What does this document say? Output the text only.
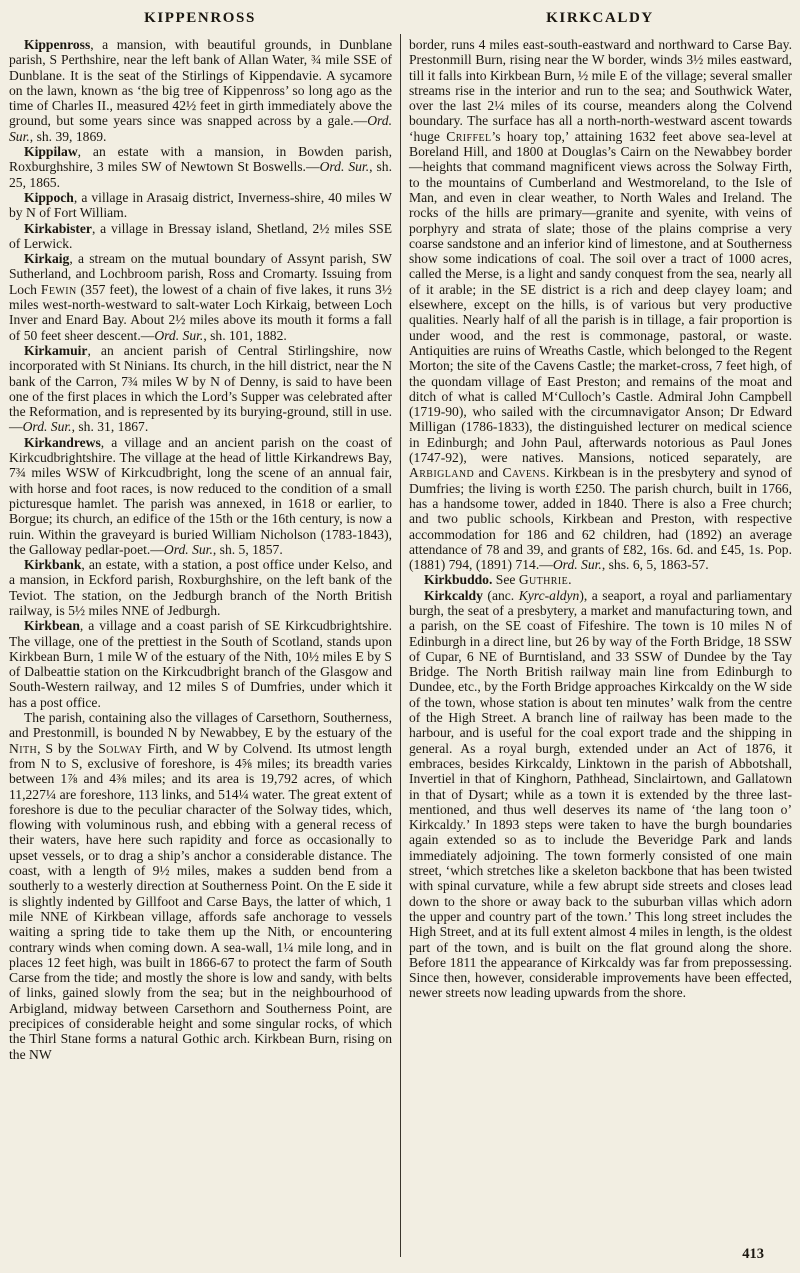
KIPPENROSS	KIRKCALDY

Kippenross, a mansion, with beautiful grounds, in Dunblane parish, S Perthshire, near the left bank of Allan Water, ¾ mile SSE of Dunblane. It is the seat of the Stirlings of Kippendavie. A sycamore on the lawn, known as ‘the big tree of Kippenross’ so long ago as the time of Charles II., measured 42½ feet in girth immediately above the ground, but some years since was snapped across by a gale.—Ord. Sur., sh. 39, 1869.

Kippilaw, an estate with a mansion, in Bowden parish, Roxburghshire, 3 miles SW of Newtown St Boswells.—Ord. Sur., sh. 25, 1865.

Kippoch, a village in Arasaig district, Inverness-shire, 40 miles W by N of Fort William.

Kirkabister, a village in Bressay island, Shetland, 2½ miles SSE of Lerwick.

Kirkaig, a stream on the mutual boundary of Assynt parish, SW Sutherland, and Lochbroom parish, Ross and Cromarty. Issuing from Loch Fewin (357 feet), the lowest of a chain of five lakes, it runs 3½ miles west-north-westward to salt-water Loch Kirkaig, between Loch Inver and Enard Bay. About 2½ miles above its mouth it forms a fall of 50 feet sheer descent.—Ord. Sur., sh. 101, 1882.

Kirkamuir, an ancient parish of Central Stirlingshire, now incorporated with St Ninians. Its church, in the hill district, near the N bank of the Carron, 7¾ miles W by N of Denny, is said to have been one of the first places in which the Lord’s Supper was celebrated after the Reformation, and is represented by its burying-ground, still in use.—Ord. Sur., sh. 31, 1867.

Kirkandrews, a village and an ancient parish on the coast of Kirkcudbrightshire. The village at the head of little Kirkandrews Bay, 7¾ miles WSW of Kirkcudbright, long the scene of an annual fair, with horse and foot races, is now reduced to the condition of a small picturesque hamlet. The parish was annexed, in 1618 or earlier, to Borgue; its church, an edifice of the 15th or the 16th century, is now a ruin. Within the graveyard is buried William Nicholson (1783-1843), the Galloway pedlar-poet.—Ord. Sur., sh. 5, 1857.

Kirkbank, an estate, with a station, a post office under Kelso, and a mansion, in Eckford parish, Roxburghshire, on the left bank of the Teviot. The station, on the Jedburgh branch of the North British railway, is 5½ miles NNE of Jedburgh.

Kirkbean, a village and a coast parish of SE Kirkcudbrightshire. The village, one of the prettiest in the South of Scotland, stands upon Kirkbean Burn, 1 mile W of the estuary of the Nith, 10½ miles E by S of Dalbeattie station on the Kirkcudbright branch of the Glasgow and South-Western railway, and 12 miles S of Dumfries, under which it has a post office.

The parish, containing also the villages of Carsethorn, Southerness, and Prestonmill, is bounded N by Newabbey, E by the estuary of the Nith, S by the Solway Firth, and W by Colvend. Its utmost length from N to S, exclusive of foreshore, is 4⅝ miles; its breadth varies between 1⅞ and 4⅜ miles; and its area is 19,792 acres, of which 11,227¼ are foreshore, 113 links, and 514¼ water. The great extent of foreshore is due to the peculiar character of the Solway tides, which, flowing with voluminous rush, and ebbing with a general recess of their waters, have here such rapidity and force as occasionally to upset vessels, or to drag a ship’s anchor a considerable distance. The coast, with a length of 9½ miles, makes a sudden bend from a southerly to a westerly direction at Southerness Point. On the E side it is slightly indented by Gillfoot and Carse Bays, the latter of which, 1 mile NNE of Kirkbean village, affords safe anchorage to vessels waiting a spring tide to take them up the Nith, or encountering contrary winds when coming down. A sea-wall, 1¼ mile long, and in places 12 feet high, was built in 1866-67 to protect the farm of South Carse from the tide; and mostly the shore is low and sandy, with belts of links, gained slowly from the sea; but in the neighbourhood of Arbigland, midway between Carsethorn and Southerness Point, are precipices of considerable height and some singular rocks, of which the Thirl Stane forms a natural Gothic arch. Kirkbean Burn, rising on the NW

border, runs 4 miles east-south-eastward and northward to Carse Bay. Prestonmill Burn, rising near the W border, winds 3½ miles eastward, till it falls into Kirkbean Burn, ½ mile E of the village; several smaller streams rise in the interior and run to the sea; and Southwick Water, over the last 2¼ miles of its course, meanders along the Colvend boundary. The surface has all a north-north-westward ascent towards ‘huge Criffel’s hoary top,’ attaining 1632 feet above sea-level at Boreland Hill, and 1800 at Douglas’s Cairn on the Newabbey border—heights that command magnificent views across the Solway Firth, to the mountains of Cumberland and Westmoreland, to the Isle of Man, and even in clear weather, to North Wales and Ireland. The rocks of the hills are primary—granite and syenite, with veins of porphyry and strata of slate; those of the plains comprise a very coarse sandstone and an inferior kind of limestone, and at Southerness show some indications of coal. The soil over a tract of 1000 acres, called the Merse, is a light and sandy conquest from the sea, nearly all of it arable; in the SE district is a rich and deep clayey loam; and elsewhere, except on the hills, is of various but very productive qualities. Nearly half of all the parish is in tillage, a fair proportion is under wood, and the rest is commonage, pastoral, or waste. Antiquities are ruins of Wreaths Castle, which belonged to the Regent Morton; the site of the Cavens Castle; the market-cross, 7 feet high, of the quondam village of East Preston; and remains of the moat and ditch of what is called M‘Culloch’s Castle. Admiral John Campbell (1719-90), who sailed with the circumnavigator Anson; Dr Edward Milligan (1786-1833), the distinguished lecturer on medical science in Edinburgh; and John Paul, afterwards notorious as Paul Jones (1747-92), were natives. Mansions, noticed separately, are Arbigland and Cavens. Kirkbean is in the presbytery and synod of Dumfries; the living is worth £250. The parish church, built in 1766, has a handsome tower, added in 1840. There is also a Free church; and two public schools, Kirkbean and Preston, with respective accommodation for 186 and 62 children, had (1892) an average attendance of 78 and 39, and grants of £82, 16s. 6d. and £45, 1s. Pop. (1881) 794, (1891) 714.—Ord. Sur., shs. 6, 5, 1863-57.

Kirkbuddo. See Guthrie.

Kirkcaldy (anc. Kyrc-aldyn), a seaport, a royal and parliamentary burgh, the seat of a presbytery, a market and manufacturing town, and a parish, on the SE coast of Fifeshire. The town is 10 miles N of Edinburgh in a direct line, but 26 by way of the Forth Bridge, 18 SSW of Cupar, 6 NE of Burntisland, and 33 SSW of Dundee by the Tay Bridge. The North British railway main line from Edinburgh to Dundee, etc., by the Forth Bridge approaches Kirkcaldy on the W side of the town, whose station is about ten minutes’ walk from the centre of the High Street. A branch line of railway has been made to the harbour, and is useful for the coal export trade and the shipping in general. As a royal burgh, extended under an Act of 1876, it embraces, besides Kirkcaldy, Linktown in the parish of Abbotshall, Invertiel in that of Kinghorn, Pathhead, Sinclairtown, and Gallatown in that of Dysart; while as a town it is extended by the three last-mentioned, and thus well deserves its name of ‘the lang toon o’ Kirkcaldy.’ In 1893 steps were taken to have the burgh boundaries again extended so as to include the Beveridge Park and lands immediately adjoining. The town formerly consisted of one main street, ‘which stretches like a skeleton backbone that has been twisted with spinal curvature, while a few abrupt side streets and closes lead down to the shore or away back to the suburban villas which adorn the upper and country part of the town.’ This long street includes the High Street, and at its full extent almost 4 miles in length, is the oldest part of the town, and is built on the flat ground along the shore. Before 1811 the appearance of Kirkcaldy was far from prepossessing. Since then, however, considerable improvements have been effected, newer streets now leading upwards from the shore.

413
